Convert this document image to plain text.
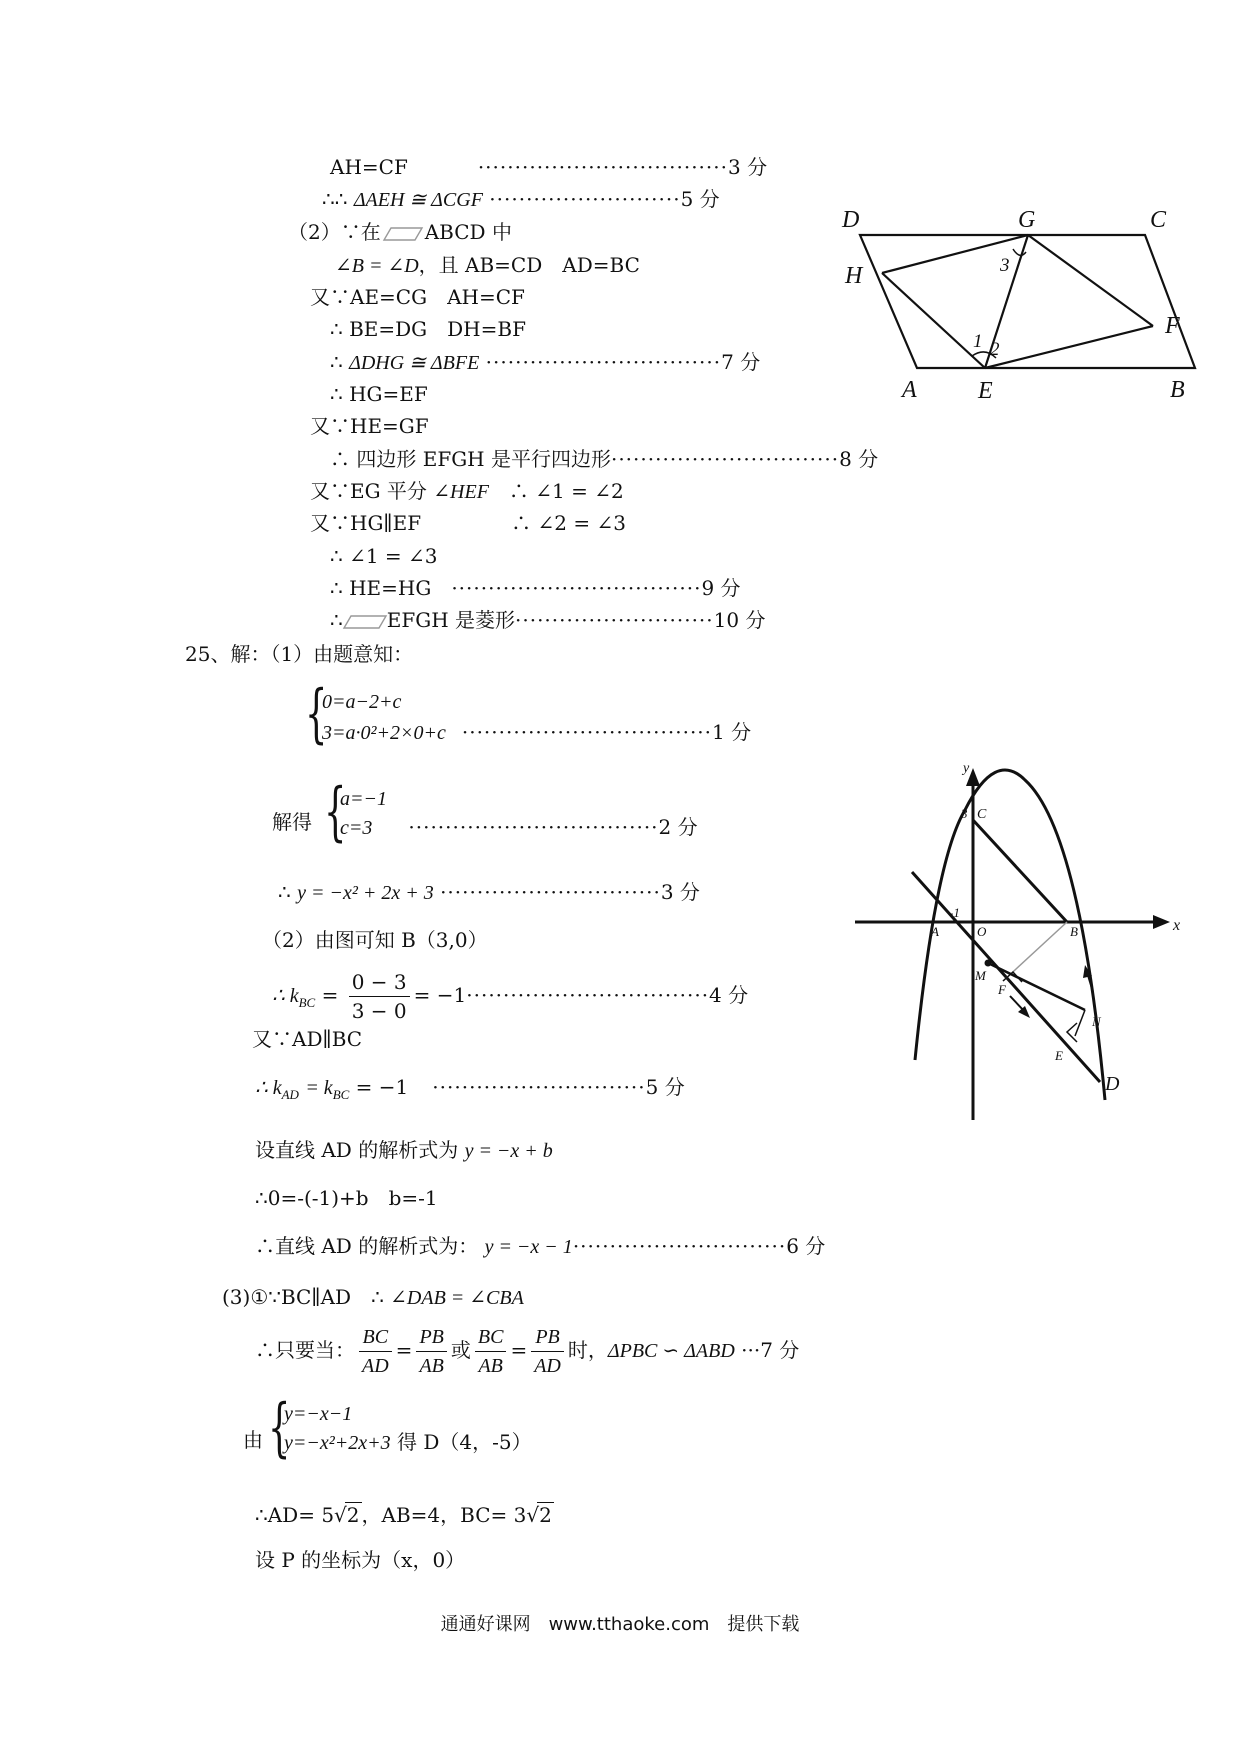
AH=CF	··································3 分
∴∴ ΔAEH ≅ ΔCGF ··························5 分
（2）∵在 ABCD 中
∠B = ∠D，且 AB=CD　AD=BC
又∵AE=CG　AH=CF
∴ BE=DG　DH=BF
∴ ΔDHG ≅ ΔBFE ································7 分
∴ HG=EF
又∵HE=GF
∴ 四边形 EFGH 是平行四边形·······························8 分
又∵EG 平分 ∠HEF　∴ ∠1 = ∠2
又∵HG∥EF	　∴ ∠2 = ∠3
∴ ∠1 = ∠3
∴ HE=HG ··································9 分
∴ EFGH 是菱形···························10 分
D	G	C
H
F
A	E	B
1 2
3
25、解：（1）由题意知：
{
0=a−2+c
3=a·0²+2×0+c ··································1 分
解得 {
a=−1
c=3 ··································2 分
∴ y = −x² + 2x + 3 ······························3 分
（2）由图可知 B（3,0）
∴ $k_{BC} = \frac{0 - 3}{3 - 0} = -1\cdot\cdot\cdot\cdot\cdot\cdot\cdot\cdot\cdot\cdot\cdot\cdot\cdot\cdot\cdot\cdot\cdot\cdot\cdot\cdot\cdot\cdot\cdot\cdot\cdot\cdot\cdot\cdot\cdot\cdot\cdot\cdot\cdot 4$ 分
又∵AD∥BC
∴ $k_{AD} = k_{BC} = -1 \cdot\cdot\cdot\cdot\cdot\cdot\cdot\cdot\cdot\cdot\cdot\cdot\cdot\cdot\cdot\cdot\cdot\cdot\cdot\cdot\cdot\cdot\cdot\cdot\cdot\cdot\cdot\cdot\cdot 5$ 分
设直线 AD 的解析式为 y = −x + b
∴0=-(-1)+b　b=-1
∴直线 AD 的解析式为： y = −x − 1·····························6 分
(3)①∵BC∥AD　∴ ∠DAB = ∠CBA
∴只要当： $\frac{BC}{AD} = \frac{PB}{AB}$ 或 $\frac{BC}{AB} = \frac{PB}{AD}$ 时，ΔPBC ∽ ΔABD ···7 分
由 {
y=−x−1
y=−x²+2x+3 得 D（4，-5）
∴AD= 5√2 ，AB=4，BC= 3√2
设 P 的坐标为（x，0）
y
x
3 C
A
-1
O	B
M
F
N
E
D
通通好课网　www.tthaoke.com　提供下载
